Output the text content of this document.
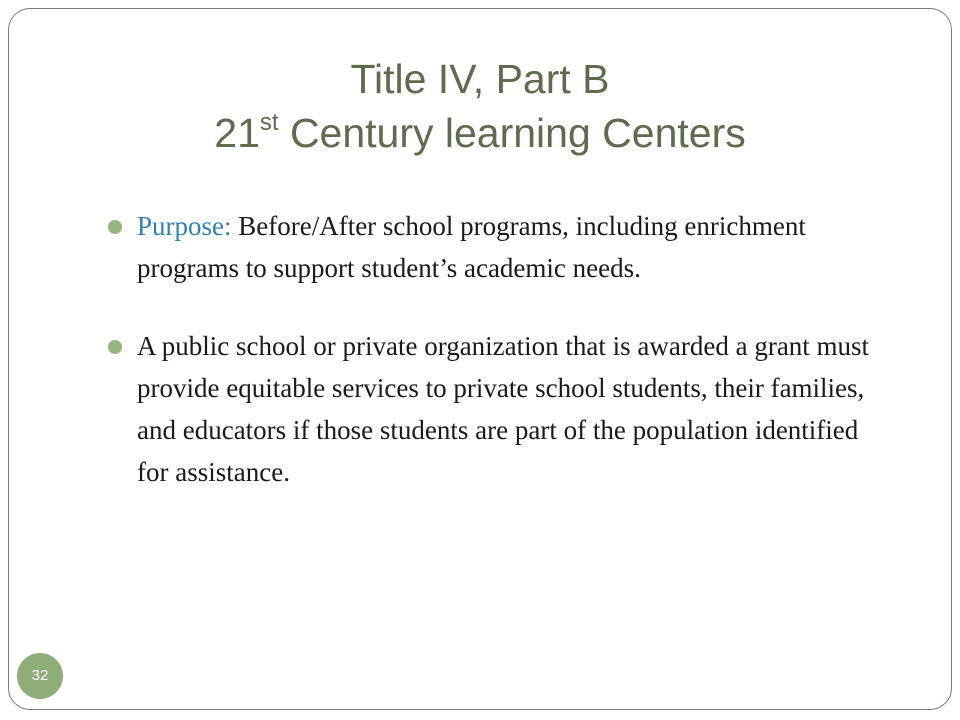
Title IV, Part B
21st Century learning Centers
Purpose: Before/After school programs, including enrichment programs to support student’s academic needs.
A public school or private organization that is awarded a grant must provide equitable services to private school students, their families, and educators if those students are part of the population identified for assistance.
32
